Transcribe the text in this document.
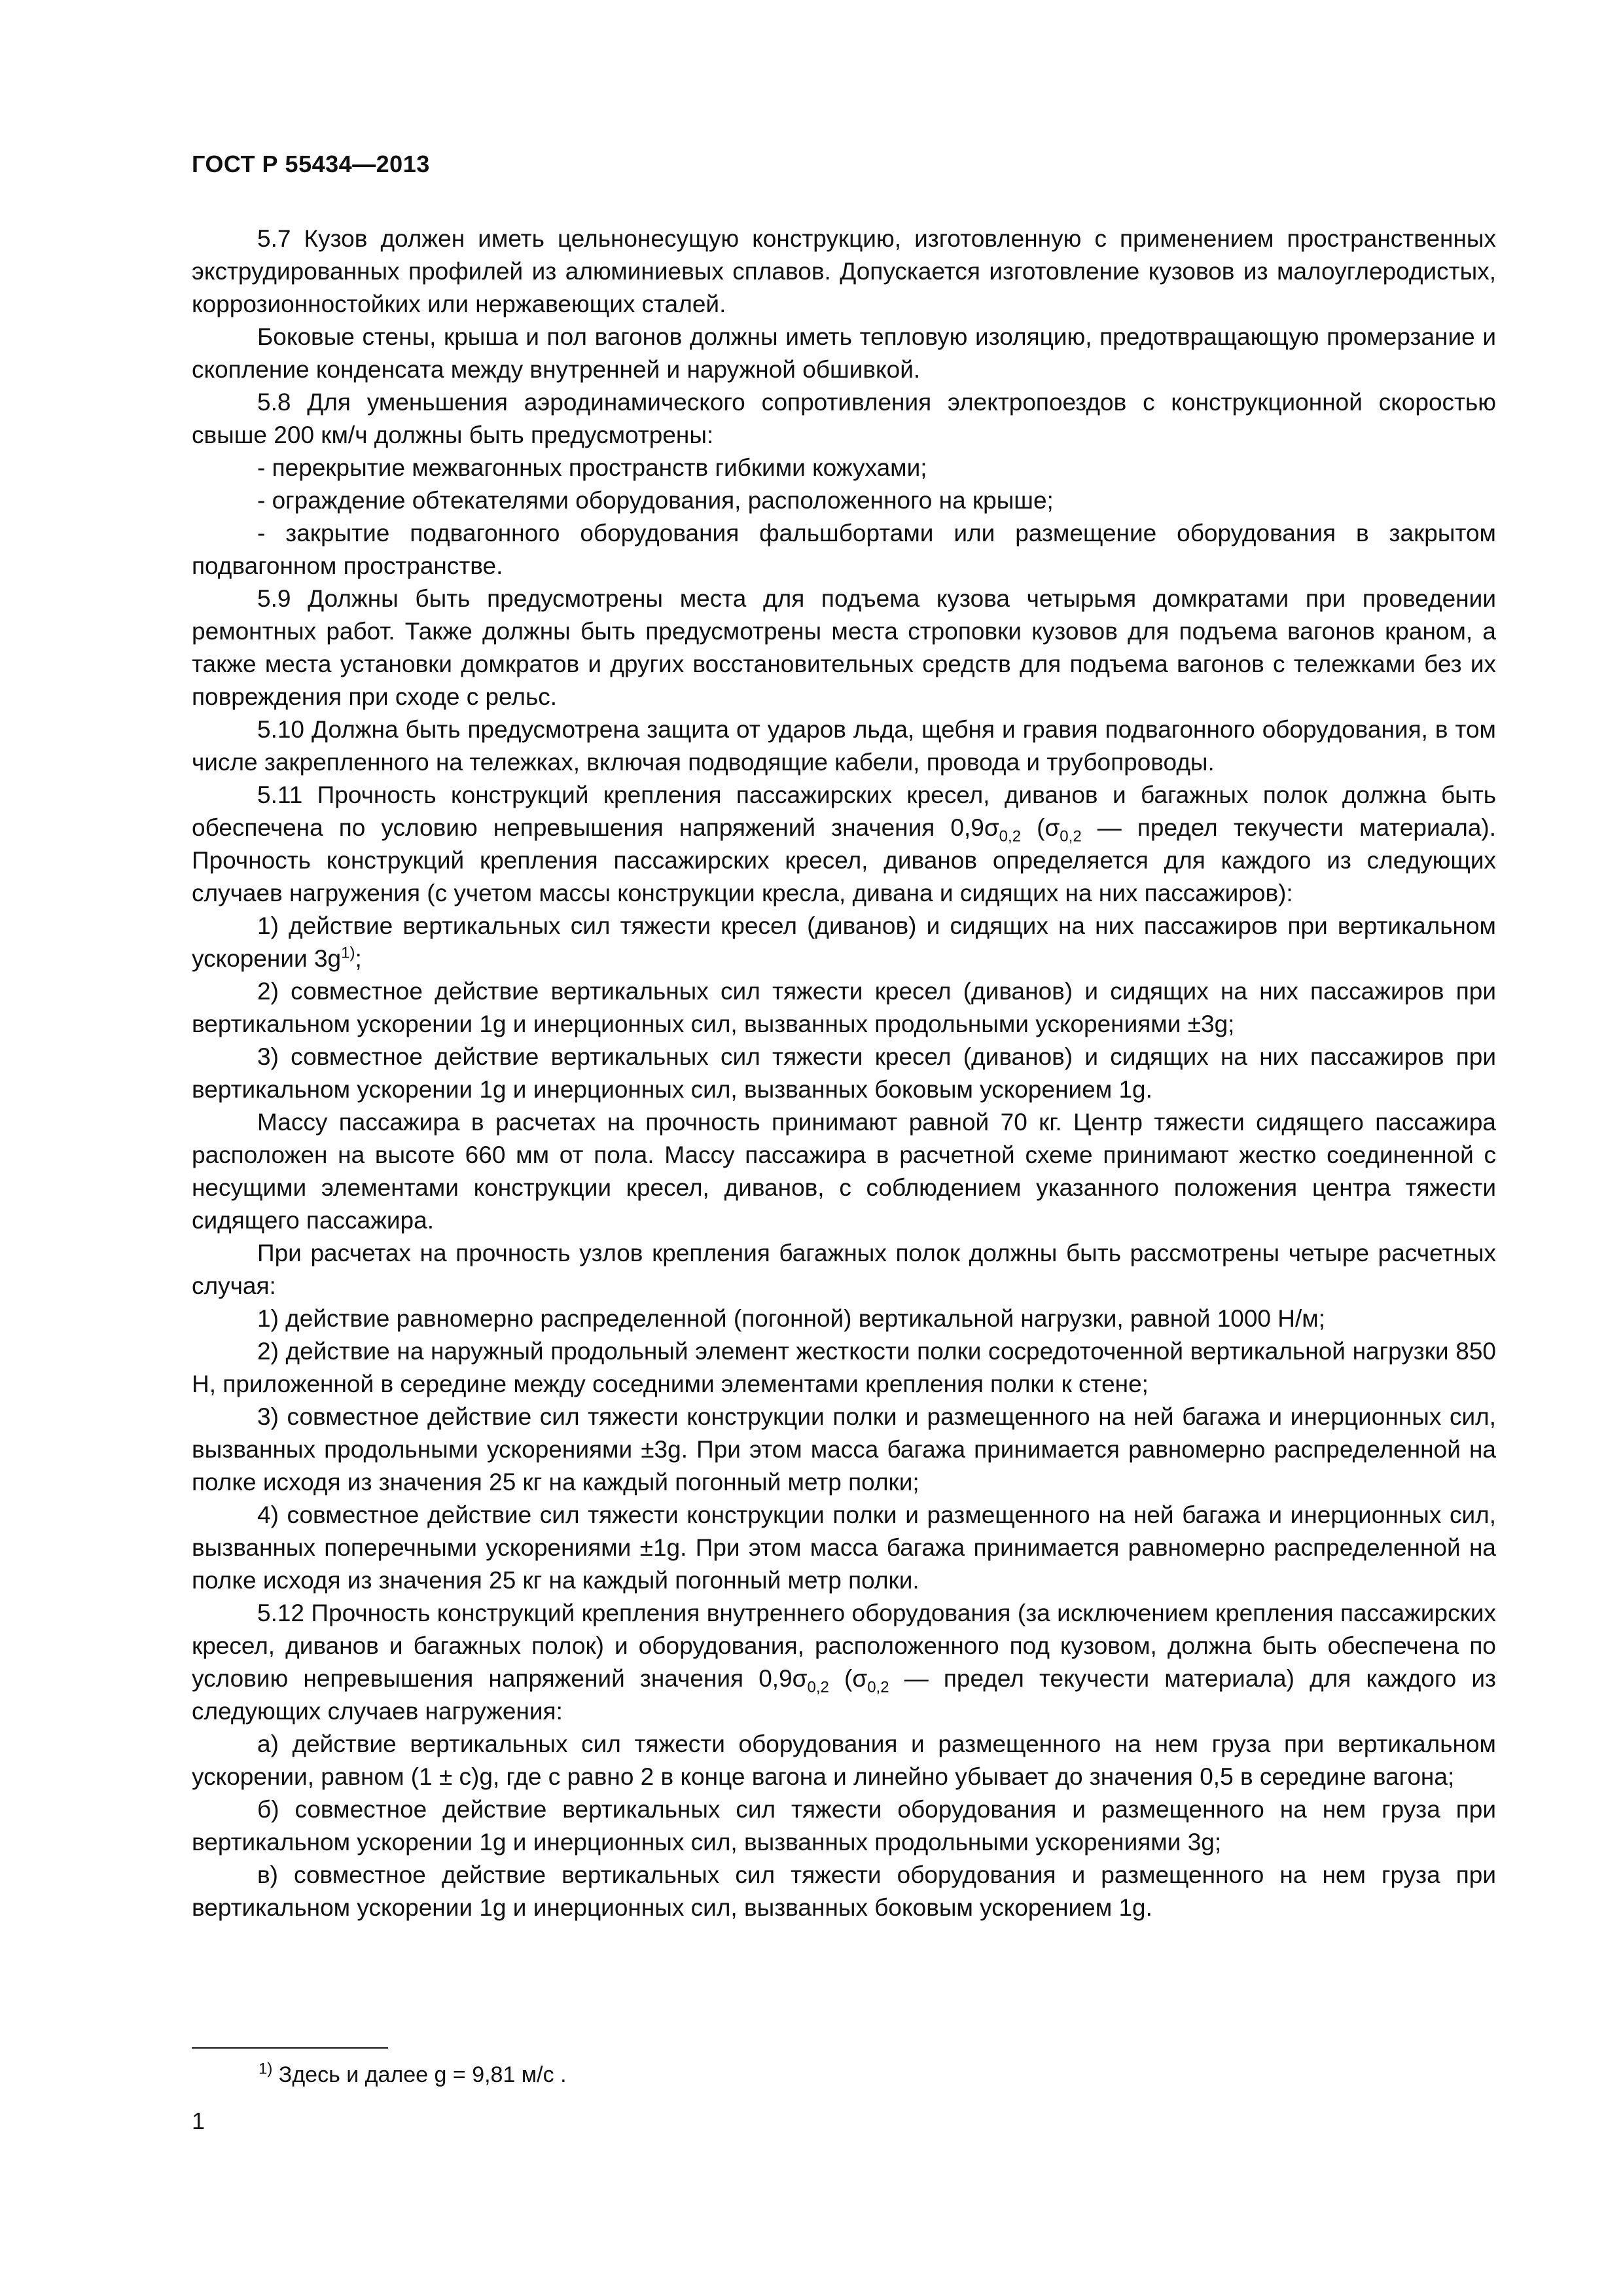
ГОСТ Р 55434—2013

5.7 Кузов должен иметь цельнонесущую конструкцию, изготовленную с применением пространственных экструдированных профилей из алюминиевых сплавов. Допускается изготовление кузовов из малоуглеродистых, коррозионностойких или нержавеющих сталей.

Боковые стены, крыша и пол вагонов должны иметь тепловую изоляцию, предотвращающую промерзание и скопление конденсата между внутренней и наружной обшивкой.

5.8 Для уменьшения аэродинамического сопротивления электропоездов с конструкционной скоростью свыше 200 км/ч должны быть предусмотрены:

- перекрытие межвагонных пространств гибкими кожухами;

- ограждение обтекателями оборудования, расположенного на крыше;

- закрытие подвагонного оборудования фальшбортами или размещение оборудования в закрытом подвагонном пространстве.

5.9 Должны быть предусмотрены места для подъема кузова четырьмя домкратами при проведении ремонтных работ. Также должны быть предусмотрены места строповки кузовов для подъема вагонов краном, а также места установки домкратов и других восстановительных средств для подъема вагонов с тележками без их повреждения при сходе с рельс.

5.10 Должна быть предусмотрена защита от ударов льда, щебня и гравия подвагонного оборудования, в том числе закрепленного на тележках, включая подводящие кабели, провода и трубопроводы.

5.11 Прочность конструкций крепления пассажирских кресел, диванов и багажных полок должна быть обеспечена по условию непревышения напряжений значения $0,9\sigma_{0,2}$ ($\sigma_{0,2}$ — предел текучести материала). Прочность конструкций крепления пассажирских кресел, диванов определяется для каждого из следующих случаев нагружения (с учетом массы конструкции кресла, дивана и сидящих на них пассажиров):

1) действие вертикальных сил тяжести кресел (диванов) и сидящих на них пассажиров при вертикальном ускорении $3g^{1)}$;

2) совместное действие вертикальных сил тяжести кресел (диванов) и сидящих на них пассажиров при вертикальном ускорении 1g и инерционных сил, вызванных продольными ускорениями ±3g;

3) совместное действие вертикальных сил тяжести кресел (диванов) и сидящих на них пассажиров при вертикальном ускорении 1g и инерционных сил, вызванных боковым ускорением 1g.

Массу пассажира в расчетах на прочность принимают равной 70 кг. Центр тяжести сидящего пассажира расположен на высоте 660 мм от пола. Массу пассажира в расчетной схеме принимают жестко соединенной с несущими элементами конструкции кресел, диванов, с соблюдением указанного положения центра тяжести сидящего пассажира.

При расчетах на прочность узлов крепления багажных полок должны быть рассмотрены четыре расчетных случая:

1) действие равномерно распределенной (погонной) вертикальной нагрузки, равной 1000 Н/м;

2) действие на наружный продольный элемент жесткости полки сосредоточенной вертикальной нагрузки 850 Н, приложенной в середине между соседними элементами крепления полки к стене;

3) совместное действие сил тяжести конструкции полки и размещенного на ней багажа и инерционных сил, вызванных продольными ускорениями ±3g. При этом масса багажа принимается равномерно распределенной на полке исходя из значения 25 кг на каждый погонный метр полки;

4) совместное действие сил тяжести конструкции полки и размещенного на ней багажа и инерционных сил, вызванных поперечными ускорениями ±1g. При этом масса багажа принимается равномерно распределенной на полке исходя из значения 25 кг на каждый погонный метр полки.

5.12 Прочность конструкций крепления внутреннего оборудования (за исключением крепления пассажирских кресел, диванов и багажных полок) и оборудования, расположенного под кузовом, должна быть обеспечена по условию непревышения напряжений значения $0,9\sigma_{0,2}$ ($\sigma_{0,2}$ — предел текучести материала) для каждого из следующих случаев нагружения:

а) действие вертикальных сил тяжести оборудования и размещенного на нем груза при вертикальном ускорении, равном (1 ± c)g, где c равно 2 в конце вагона и линейно убывает до значения 0,5 в середине вагона;

б) совместное действие вертикальных сил тяжести оборудования и размещенного на нем груза при вертикальном ускорении 1g и инерционных сил, вызванных продольными ускорениями 3g;

в) совместное действие вертикальных сил тяжести оборудования и размещенного на нем груза при вертикальном ускорении 1g и инерционных сил, вызванных боковым ускорением 1g.

$^{1)}$ Здесь и далее g = 9,81 м/с .
1
